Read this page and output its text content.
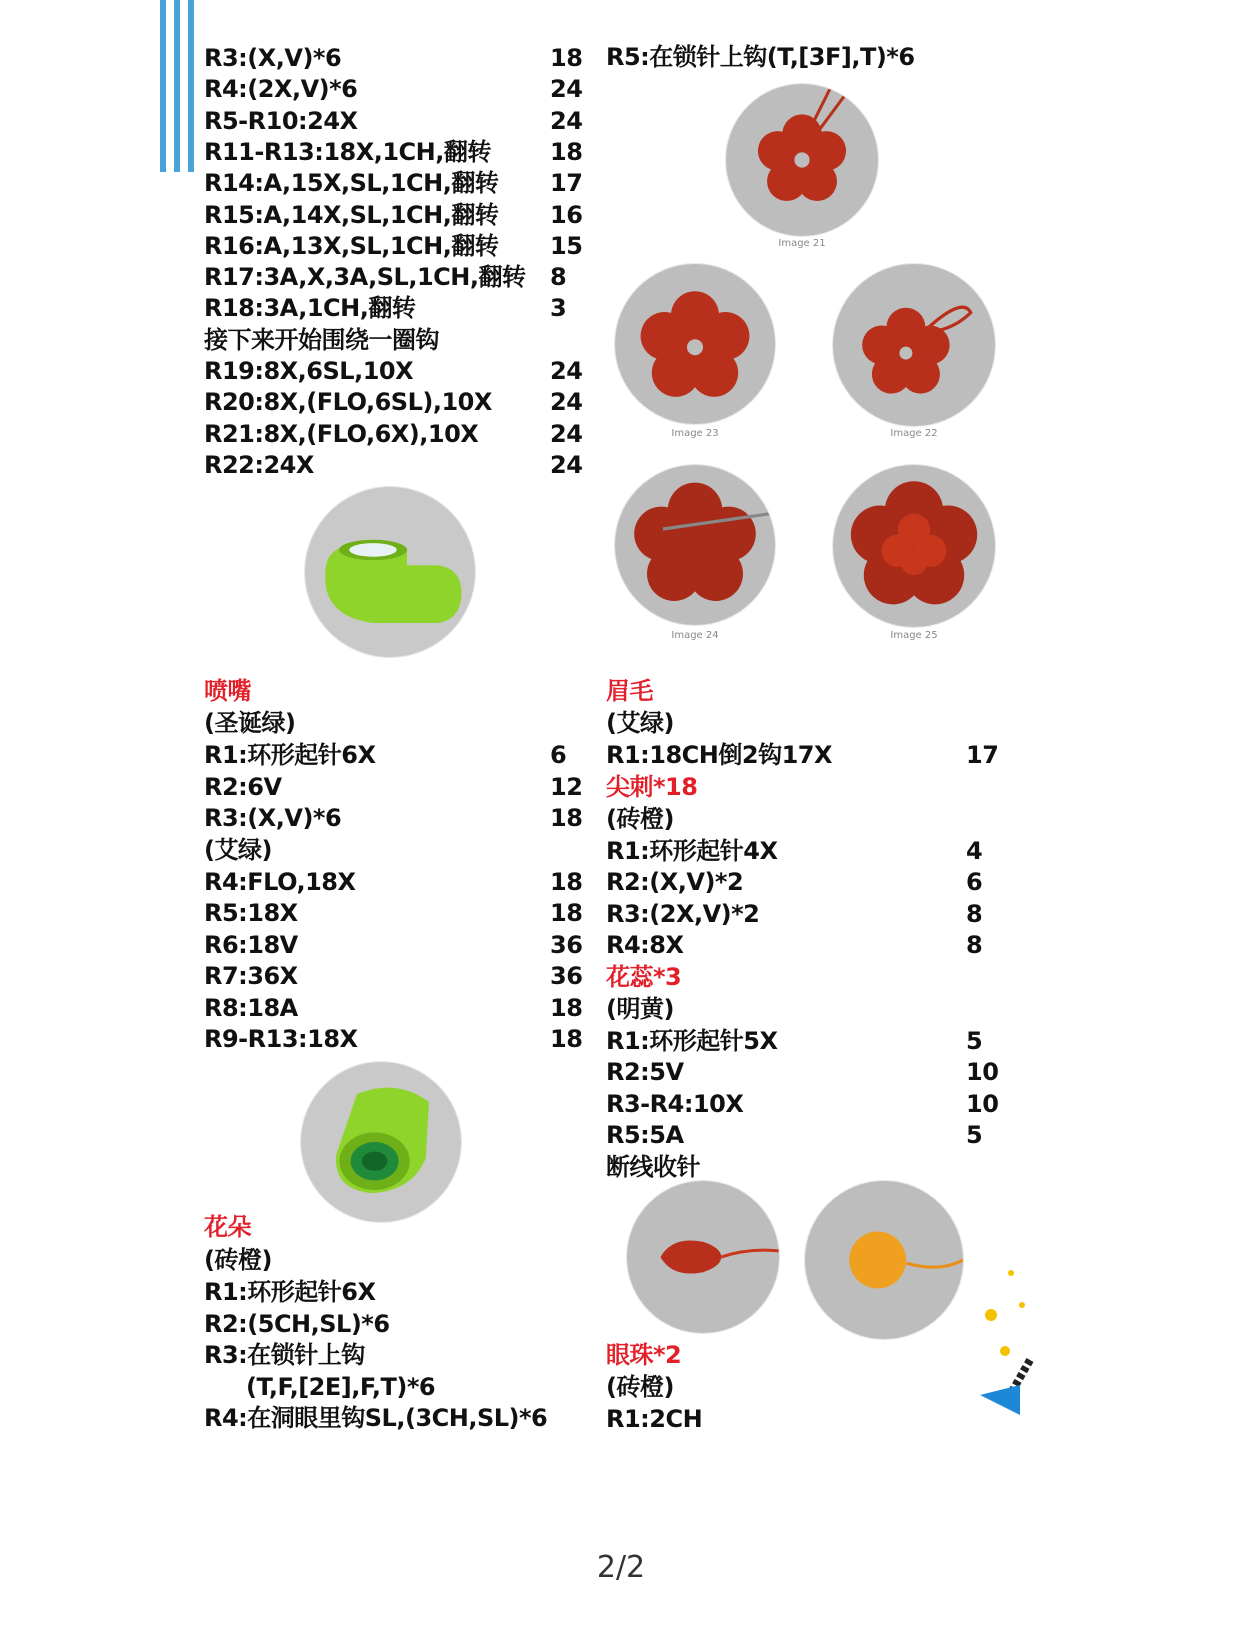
R3:(X,V)*6	18
R4:(2X,V)*6	24
R5-R10:24X	24
R11-R13:18X,1CH,翻转 18
R14:A,15X,SL,1CH,翻转 17
R15:A,14X,SL,1CH,翻转 16
R16:A,13X,SL,1CH,翻转 15
R17:3A,X,3A,SL,1CH,翻转 8
R18:3A,1CH,翻转	3
接下来开始围绕一圈钩
R19:8X,6SL,10X	24
R20:8X,(FLO,6SL),10X 24
R21:8X,(FLO,6X),10X	24
R22:24X	24
R5:在锁针上钩(T,[3F],T)*6
Image 21
Image 23	Image 22
Image 24	Image 25
喷嘴
(圣诞绿)
R1:环形起针6X	6
R2:6V	12
R3:(X,V)*6	18
(艾绿)
R4:FLO,18X	18
R5:18X	18
R6:18V	36
R7:36X	36
R8:18A	18
R9-R13:18X	18
花朵
(砖橙)
R1:环形起针6X
R2:(5CH,SL)*6
R3:在锁针上钩
(T,F,[2E],F,T)*6
R4:在洞眼里钩SL,(3CH,SL)*6
眉毛
(艾绿)
R1:18CH倒2钩17X	17
尖刺*18
(砖橙)
R1:环形起针4X	4
R2:(X,V)*2	6
R3:(2X,V)*2	8
R4:8X	8
花蕊*3
(明黄)
R1:环形起针5X	5
R2:5V	10
R3-R4:10X	10
R5:5A	5
断线收针
眼珠*2
(砖橙)
R1:2CH
2/2
